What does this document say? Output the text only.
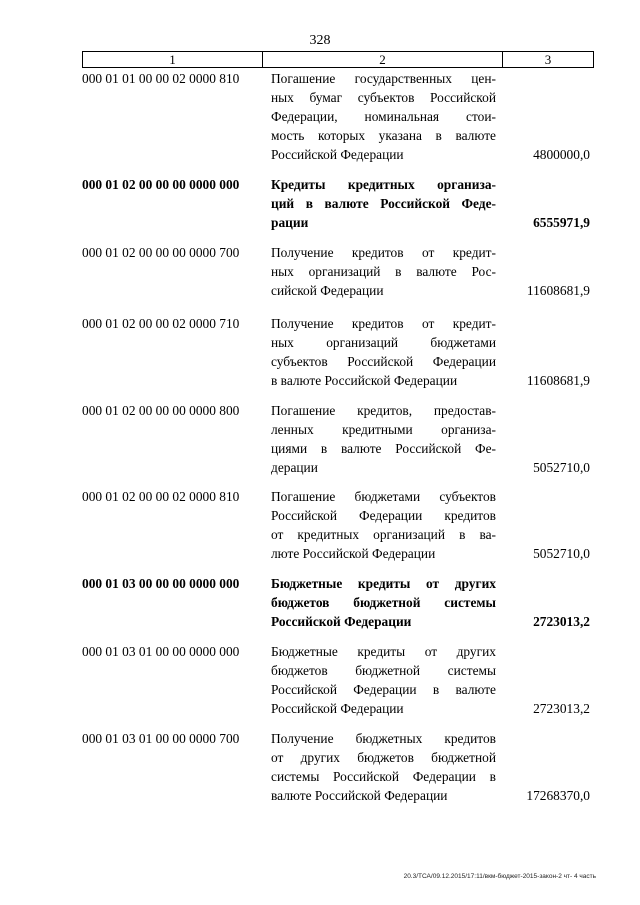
328
1	2	3
000 01 01 00 00 02 0000 810	Погашение государственных цен-
ных бумаг субъектов Российской
Федерации, номинальная стои-
мость которых указана в валюте
Российской Федерации	4800000,0
000 01 02 00 00 00 0000 000	Кредиты кредитных организа-
ций в валюте Российской Феде-
рации	6555971,9
000 01 02 00 00 00 0000 700	Получение кредитов от кредит-
ных организаций в валюте Рос-
сийской Федерации	11608681,9
000 01 02 00 00 02 0000 710	Получение кредитов от кредит-
ных организаций бюджетами
субъектов Российской Федерации
в валюте Российской Федерации	11608681,9
000 01 02 00 00 00 0000 800	Погашение кредитов, предостав-
ленных кредитными организа-
циями в валюте Российской Фе-
дерации	5052710,0
000 01 02 00 00 02 0000 810	Погашение бюджетами субъектов
Российской Федерации кредитов
от кредитных организаций в ва-
люте Российской Федерации	5052710,0
000 01 03 00 00 00 0000 000	Бюджетные кредиты от других
бюджетов бюджетной системы
Российской Федерации	2723013,2
000 01 03 01 00 00 0000 000	Бюджетные кредиты от других
бюджетов бюджетной системы
Российской Федерации в валюте
Российской Федерации	2723013,2
000 01 03 01 00 00 0000 700	Получение бюджетных кредитов
от других бюджетов бюджетной
системы Российской Федерации в
валюте Российской Федерации	17268370,0
20.3/ТСА/09.12.2015/17:11/вкм-бюджет-2015-закон-2 чт- 4 часть
